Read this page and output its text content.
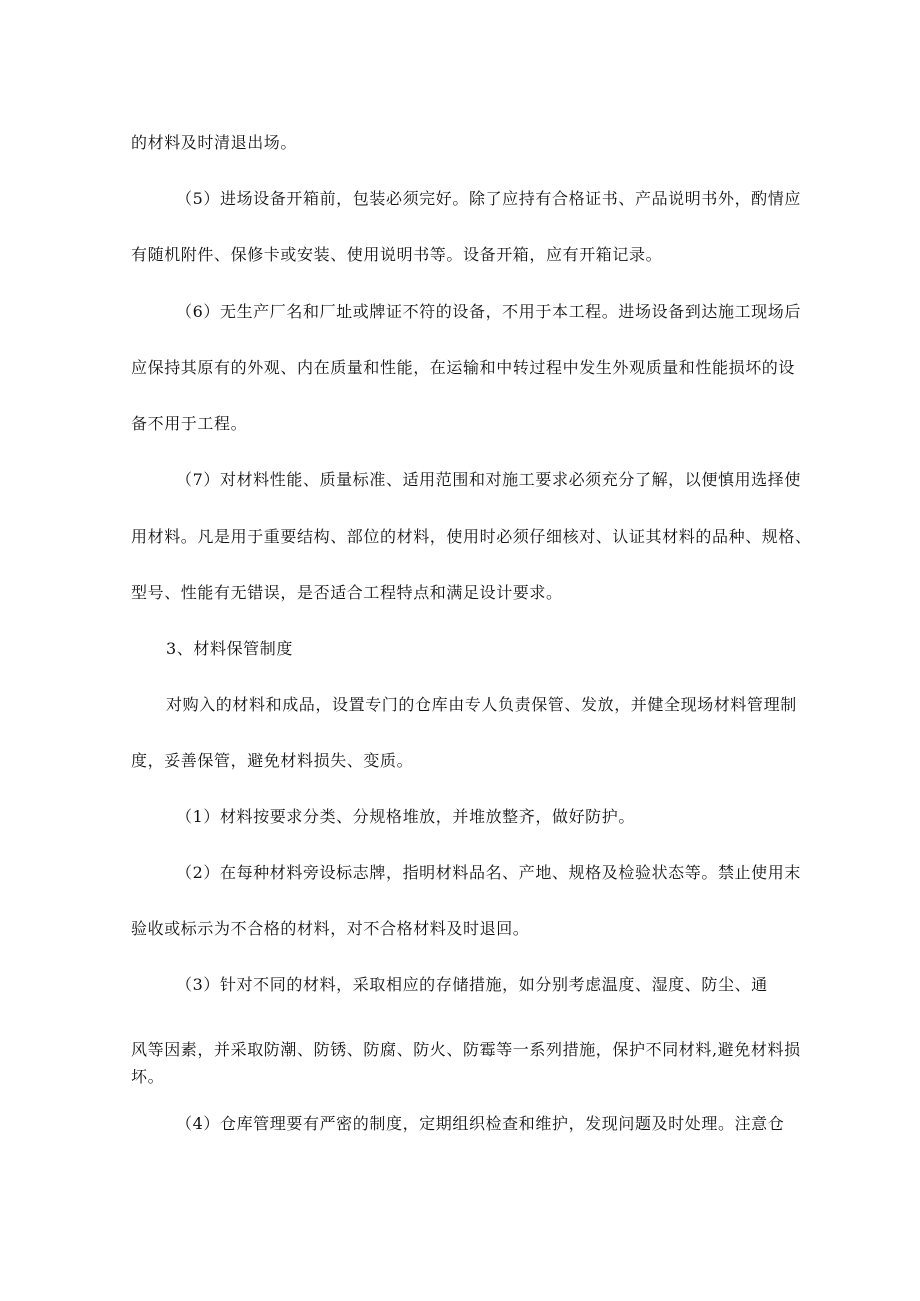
的材料及时清退出场。
（5）进场设备开箱前，包装必须完好。除了应持有合格证书、产品说明书外，酌情应
有随机附件、保修卡或安装、使用说明书等。设备开箱，应有开箱记录。
（6）无生产厂名和厂址或牌证不符的设备，不用于本工程。进场设备到达施工现场后
应保持其原有的外观、内在质量和性能，在运输和中转过程中发生外观质量和性能损坏的设
备不用于工程。
（7）对材料性能、质量标准、适用范围和对施工要求必须充分了解，以便慎用选择使
用材料。凡是用于重要结构、部位的材料，使用时必须仔细核对、认证其材料的品种、规格、
型号、性能有无错误，是否适合工程特点和满足设计要求。
3、材料保管制度
对购入的材料和成品，设置专门的仓库由专人负责保管、发放，并健全现场材料管理制
度，妥善保管，避免材料损失、变质。
（1）材料按要求分类、分规格堆放，并堆放整齐，做好防护。
（2）在每种材料旁设标志牌，指明材料品名、产地、规格及检验状态等。禁止使用末
验收或标示为不合格的材料，对不合格材料及时退回。
（3）针对不同的材料，采取相应的存储措施，如分别考虑温度、湿度、防尘、通
风等因素，并采取防潮、防锈、防腐、防火、防霉等一系列措施，保护不同材料,避免材料损
坏。
（4）仓库管理要有严密的制度，定期组织检查和维护，发现问题及时处理。注意仓
